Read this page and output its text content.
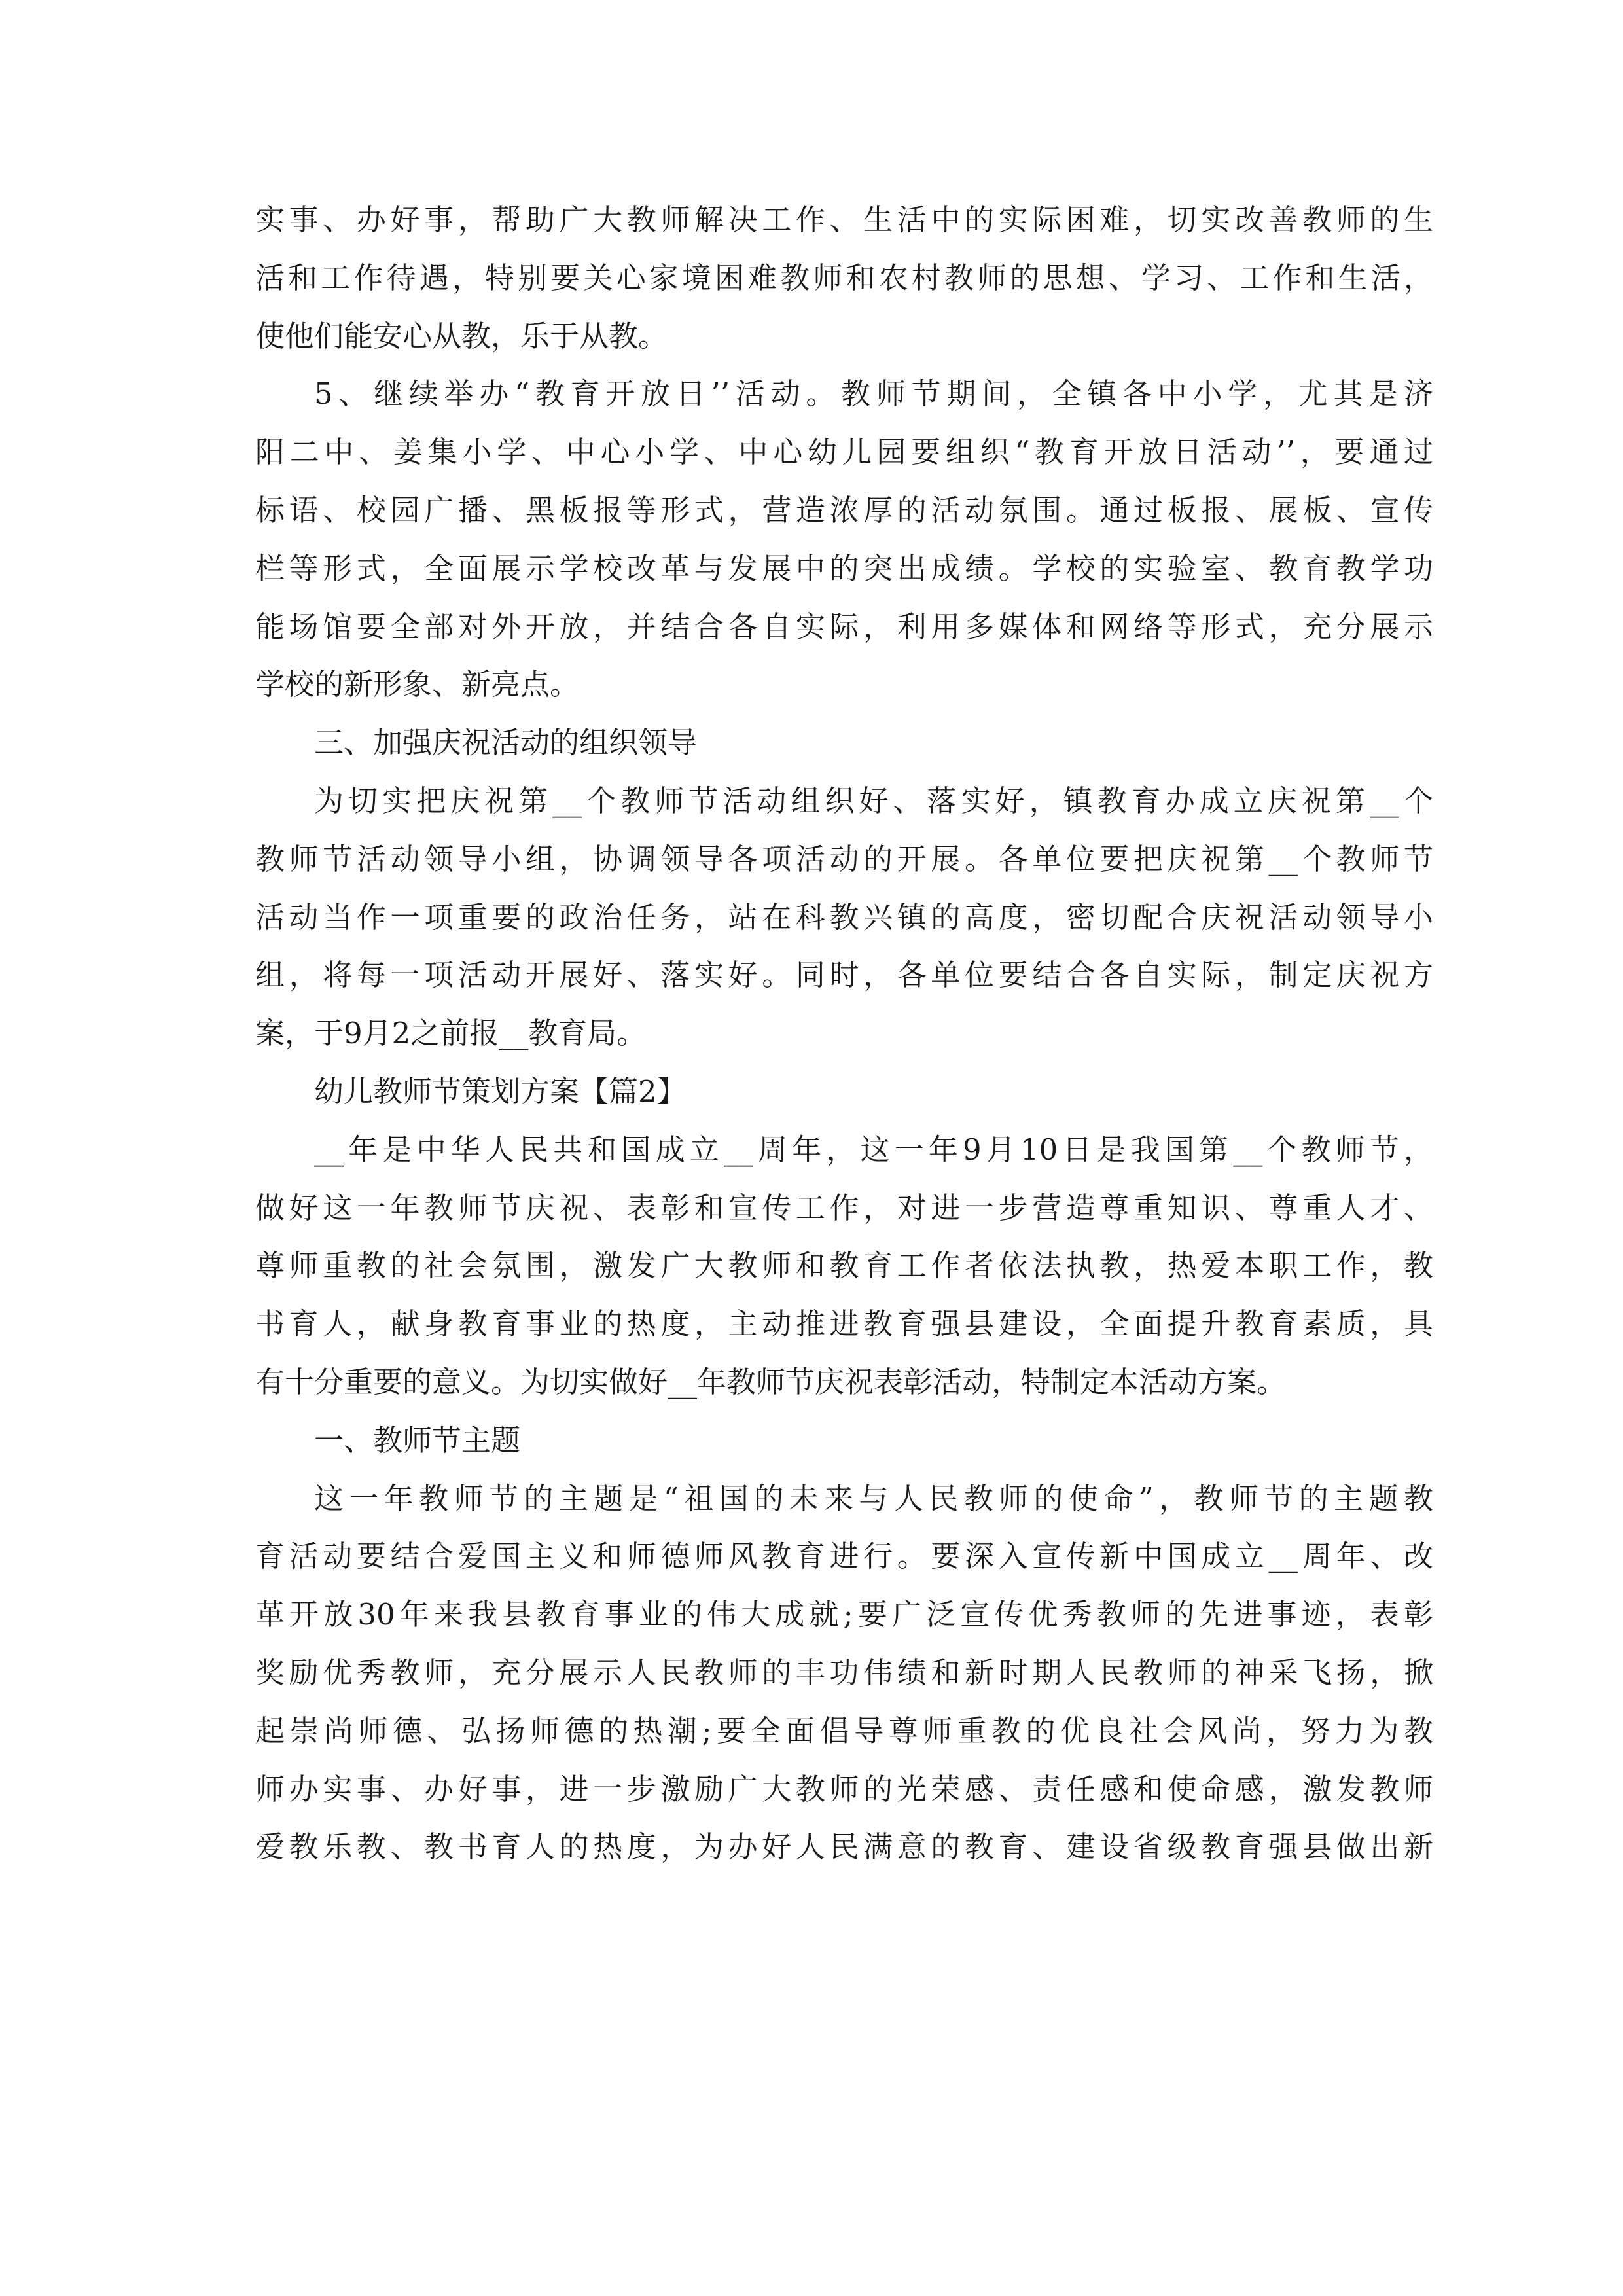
实事、办好事，帮助广大教师解决工作、生活中的实际困难，切实改善教师的生
活和工作待遇，特别要关心家境困难教师和农村教师的思想、学习、工作和生活，
使他们能安心从教，乐于从教。

5、继续举办“教育开放日’’活动。教师节期间，全镇各中小学，尤其是济
阳二中、姜集小学、中心小学、中心幼儿园要组织“教育开放日活动’’，要通过
标语、校园广播、黑板报等形式，营造浓厚的活动氛围。通过板报、展板、宣传
栏等形式，全面展示学校改革与发展中的突出成绩。学校的实验室、教育教学功
能场馆要全部对外开放，并结合各自实际，利用多媒体和网络等形式，充分展示
学校的新形象、新亮点。

三、加强庆祝活动的组织领导

为切实把庆祝第__个教师节活动组织好、落实好，镇教育办成立庆祝第__个
教师节活动领导小组，协调领导各项活动的开展。各单位要把庆祝第__个教师节
活动当作一项重要的政治任务，站在科教兴镇的高度，密切配合庆祝活动领导小
组，将每一项活动开展好、落实好。同时，各单位要结合各自实际，制定庆祝方
案，于9月2之前报__教育局。

幼儿教师节策划方案【篇2】

__年是中华人民共和国成立__周年，这一年9月10日是我国第__个教师节，
做好这一年教师节庆祝、表彰和宣传工作，对进一步营造尊重知识、尊重人才、
尊师重教的社会氛围，激发广大教师和教育工作者依法执教，热爱本职工作，教
书育人，献身教育事业的热度，主动推进教育强县建设，全面提升教育素质，具
有十分重要的意义。为切实做好__年教师节庆祝表彰活动，特制定本活动方案。

一、教师节主题

这一年教师节的主题是“祖国的未来与人民教师的使命”，教师节的主题教
育活动要结合爱国主义和师德师风教育进行。要深入宣传新中国成立__周年、改
革开放30年来我县教育事业的伟大成就;要广泛宣传优秀教师的先进事迹，表彰
奖励优秀教师，充分展示人民教师的丰功伟绩和新时期人民教师的神采飞扬，掀
起崇尚师德、弘扬师德的热潮;要全面倡导尊师重教的优良社会风尚，努力为教
师办实事、办好事，进一步激励广大教师的光荣感、责任感和使命感，激发教师
爱教乐教、教书育人的热度，为办好人民满意的教育、建设省级教育强县做出新
